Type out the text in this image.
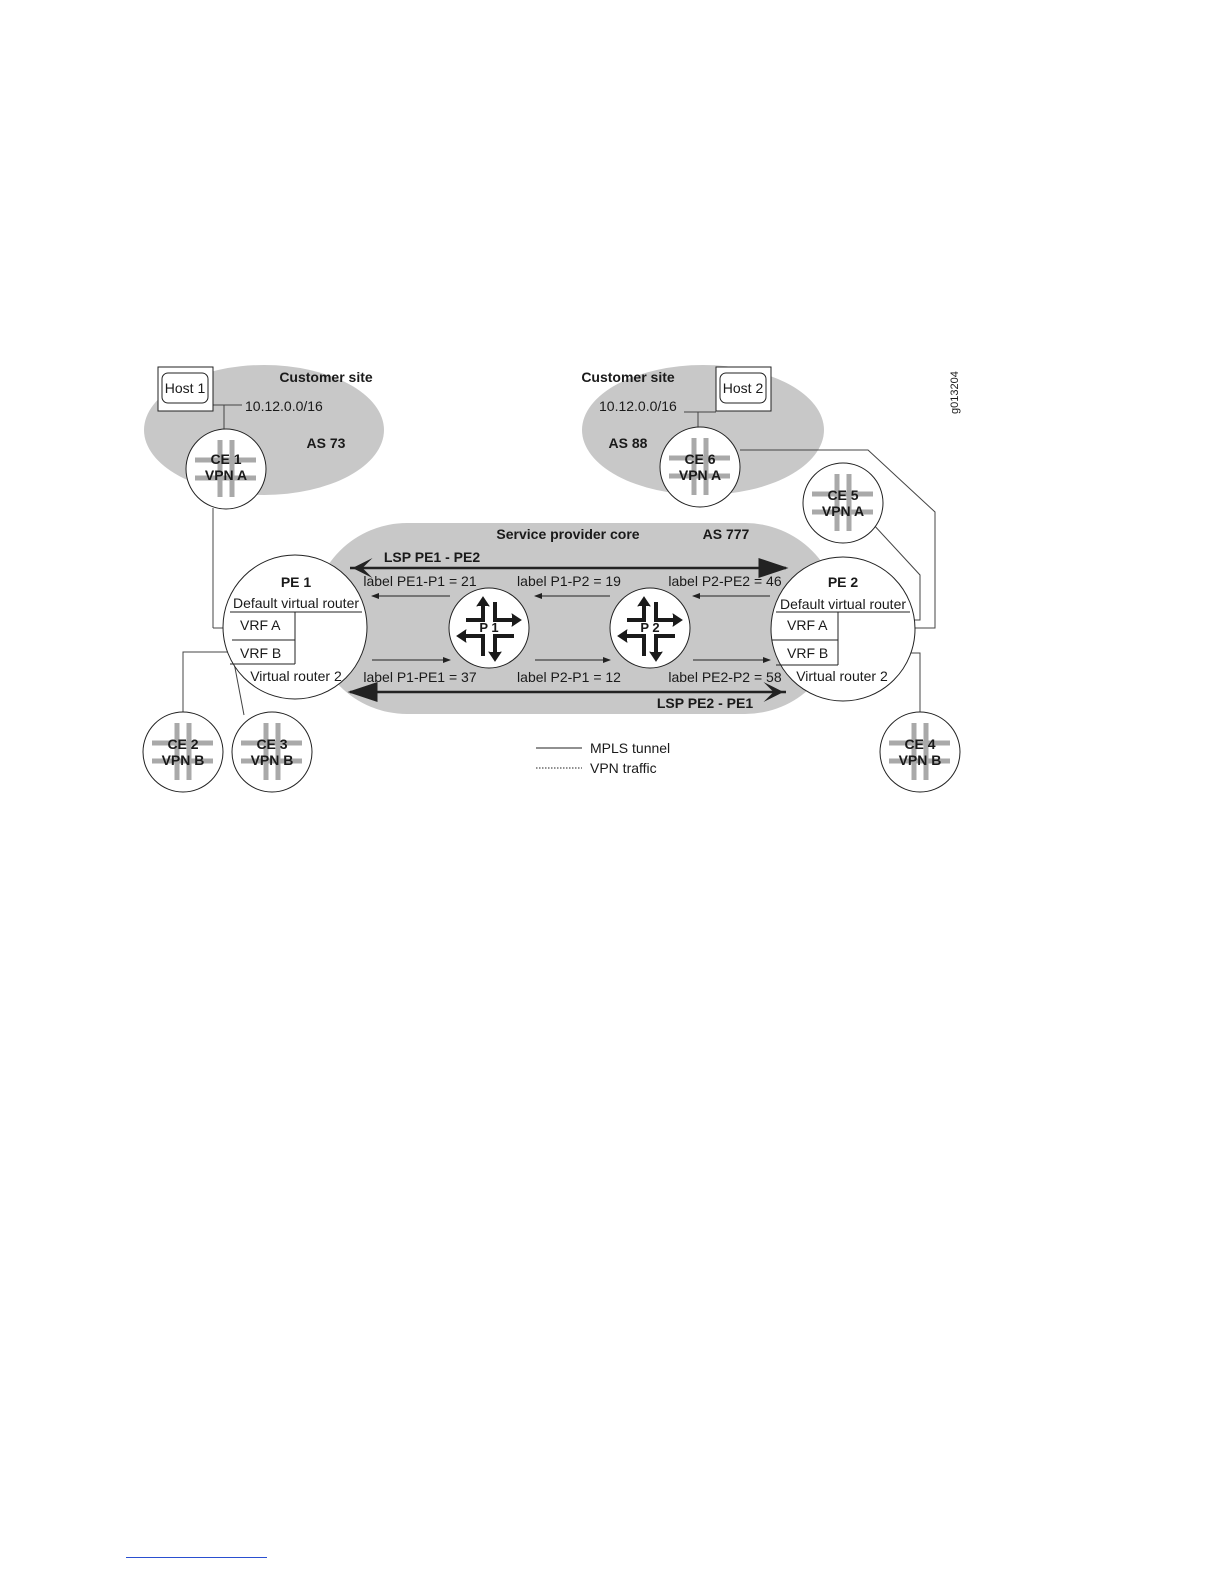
Host 1	Host 2
Customer site
10.12.0.0/16
AS 73
Customer site
10.12.0.0/16
AS 88
g013204
Service provider core	AS 777
LSP PE1 - PE2
LSP PE2 - PE1
PE 1
Default virtual router
VRF A
VRF B
Virtual router 2
PE 2
Default virtual router
VRF A
VRF B
Virtual router 2
P 1	P 2
CE 1
VPN A
CE 6
VPN A
CE 5
VPN A
CE 2
VPN B
CE 3
VPN B
CE 4
VPN B
label PE1-P1 = 21	label P1-P2 = 19	label P2-PE2 = 46
label P1-PE1 = 37	label P2-P1 = 12	label PE2-P2 = 58
MPLS tunnel
VPN traffic
